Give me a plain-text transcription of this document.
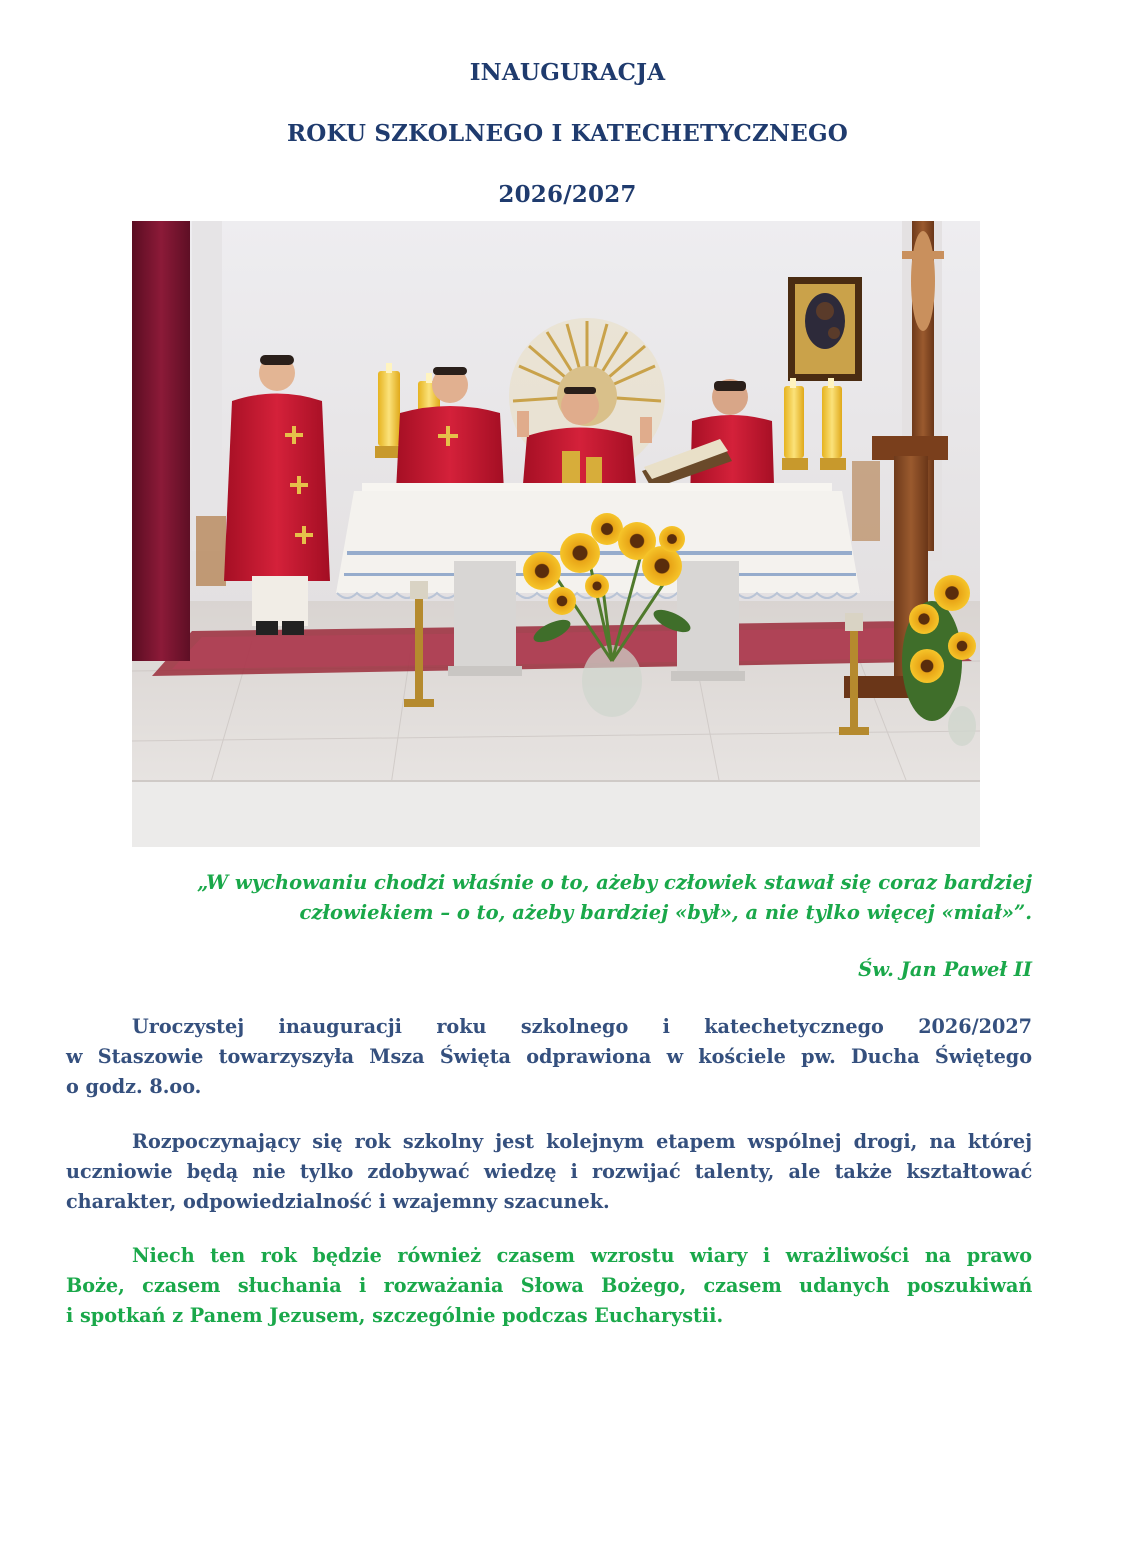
INAUGURACJA
ROKU SZKOLNEGO I KATECHETYCZNEGO
2026/2027
„W wychowaniu chodzi właśnie o to, ażeby człowiek stawał się coraz bardziej
człowiekiem – o to, ażeby bardziej «był», a nie tylko więcej «miał»”.
Św. Jan Paweł II
Uroczystej inauguracji roku szkolnego i katechetycznego 2026/2027
w Staszowie towarzyszyła Msza Święta odprawiona w kościele pw. Ducha Świętego
o godz. 8.oo.
Rozpoczynający się rok szkolny jest kolejnym etapem wspólnej drogi, na której
uczniowie będą nie tylko zdobywać wiedzę i rozwijać talenty, ale także kształtować
charakter, odpowiedzialność i wzajemny szacunek.
Niech ten rok będzie również czasem wzrostu wiary i wrażliwości na prawo
Boże, czasem słuchania i rozważania Słowa Bożego, czasem udanych poszukiwań
i spotkań z Panem Jezusem, szczególnie podczas Eucharystii.
